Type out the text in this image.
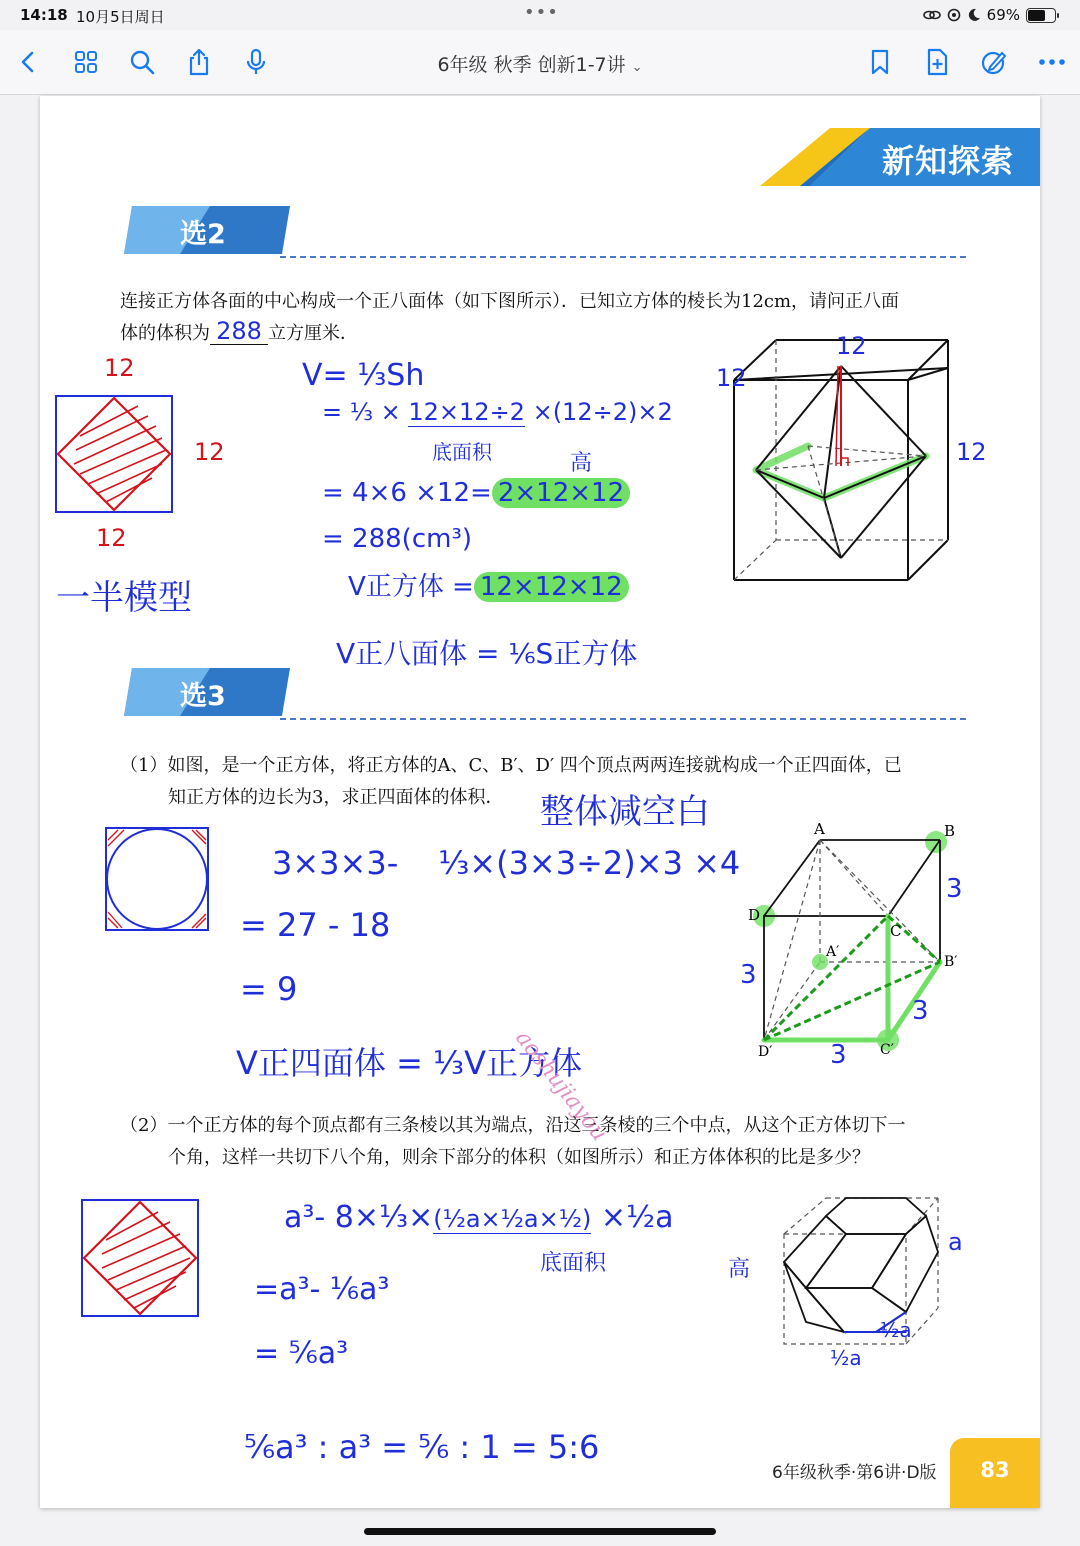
14:18 10月5日周日	•••	69%
6年级 秋季 创新1-7讲 ⌄
新知探索
选2
连接正方体各面的中心构成一个正八面体（如下图所示）．已知立方体的棱长为12cm，请问正八面
体的体积为 288 立方厘米．
12
12
12
一半模型
V= ⅓Sh
= ⅓ × 12×12÷2 ×(12÷2)×2
底面积	高
= 4×6 ×12= 2×12×12
= 288(cm³)
V正方体 = 12×12×12
V正八面体 = ⅙S正方体
12
12
12
选3
（1）如图，是一个正方体，将正方体的A、C、B′、D′ 四个顶点两两连接就构成一个正四面体，已
知正方体的边长为3，求正四面体的体积．	整体减空白
3×3×3- ⅓×(3×3÷2)×3 ×4
= 27 - 18
= 9
V正四面体 = ⅓V正方体
A	B
C
D
A′
B′
C′
D′
3
3
3
3
aoshujiayou
（2）一个正方体的每个顶点都有三条棱以其为端点，沿这三条棱的三个中点，从这个正方体切下一
个角，这样一共切下八个角，则余下部分的体积（如图所示）和正方体体积的比是多少？
a³- 8×⅓×(½a×½a×½) ×½a
底面积	高
=a³- ⅙a³
= ⅚a³
⅚a³ : a³ = ⅚ : 1 = 5:6
a
½a
½a
6年级秋季·第6讲·D版	83
